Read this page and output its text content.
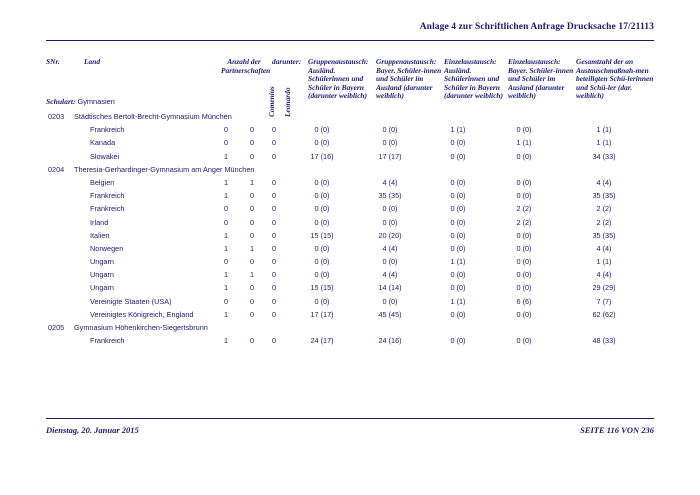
Anlage 4 zur Schriftlichen Anfrage Drucksache 17/21113
SNr.	Land	Anzahl der Partnerschaften
darunter:
Comenius Leonardo
Gruppenaustausch: Ausländ. Schülerinnen und Schüler in Bayern (darunter weiblich)
Gruppenaustausch: Bayer. Schüler-innen und Schüler im Ausland (darunter weiblich)
Einzelaustausch: Ausländ. Schülerinnen und Schüler in Bayern (darunter weiblich)
Einzelaustausch: Bayer. Schüler-innen und Schüler im Ausland (darunter weiblich)
Gesamtzahl der an Austauschmaßnah-men beteiligten Schü-lerinnen und Schü-ler (dar. weiblich)
Schulart: Gymnasien
0203 Städtisches Bertolt-Brecht-Gymnasium München
Frankreich	0	0	0	0 (0)	0 (0)	1 (1)	0 (0)	1 (1)
Kanada	0	0	0	0 (0)	0 (0)	0 (0)	1 (1)	1 (1)
Slowakei	1	0	0	17 (16)	17 (17)	0 (0)	0 (0)	34 (33)
0204 Theresia-Gerhardinger-Gymnasium am Anger München
Belgien	1	1	0	0 (0)	4 (4)	0 (0)	0 (0)	4 (4)
Frankreich	1	0	0	0 (0)	35 (35)	0 (0)	0 (0)	35 (35)
Frankreich	0	0	0	0 (0)	0 (0)	0 (0)	2 (2)	2 (2)
Irland	0	0	0	0 (0)	0 (0)	0 (0)	2 (2)	2 (2)
Italien	1	0	0	15 (15)	20 (20)	0 (0)	0 (0)	35 (35)
Norwegen	1	1	0	0 (0)	4 (4)	0 (0)	0 (0)	4 (4)
Ungarn	0	0	0	0 (0)	0 (0)	1 (1)	0 (0)	1 (1)
Ungarn	1	1	0	0 (0)	4 (4)	0 (0)	0 (0)	4 (4)
Ungarn	1	0	0	15 (15)	14 (14)	0 (0)	0 (0)	29 (29)
Vereinigte Staaten (USA)	0	0	0	0 (0)	0 (0)	1 (1)	6 (6)	7 (7)
Vereinigtes Königreich, England	1	0	0	17 (17)	45 (45)	0 (0)	0 (0)	62 (62)
0205 Gymnasium Höhenkirchen-Siegertsbrunn
Frankreich	1	0	0	24 (17)	24 (16)	0 (0)	0 (0)	48 (33)
Dienstag, 20. Januar 2015	SEITE 116 VON 236
